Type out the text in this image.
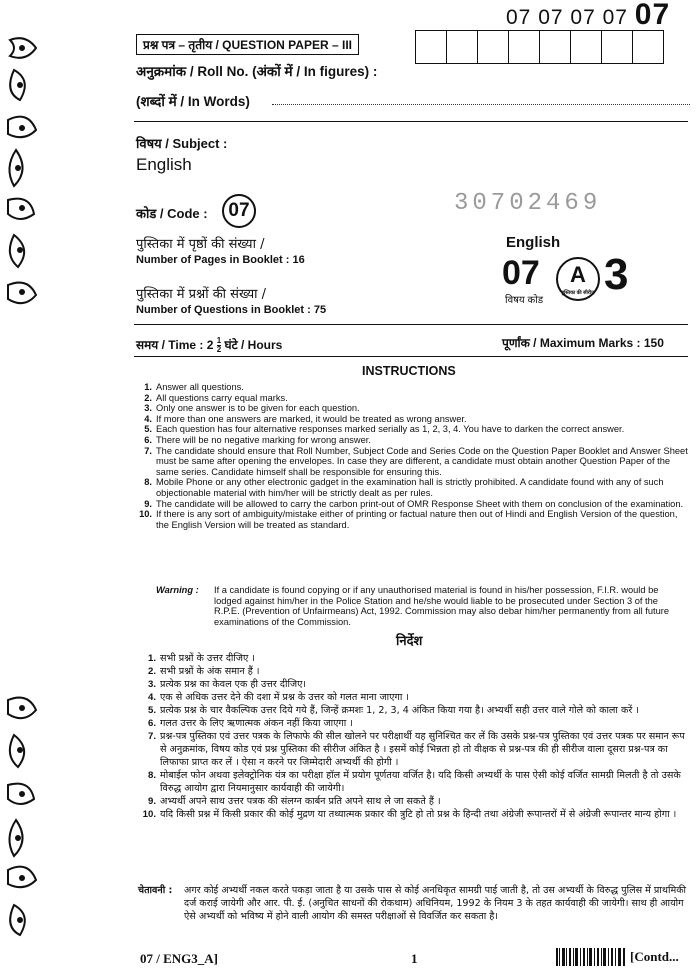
07 07 07 07 07
प्रश्न पत्र – तृतीय / QUESTION PAPER – III
अनुक्रमांक / Roll No. (अंकों में / In figures) :
(शब्दों में / In Words)
विषय / Subject :
English
कोड / Code :	07	30702469
पुस्तिका में पृष्ठों की संख्या /
Number of Pages in Booklet : 16
पुस्तिका में प्रश्नों की संख्या /
Number of Questions in Booklet : 75
English
07	A
पुस्तिका की सीरीज़ 3
विषय कोड
समय / Time : $2 \frac{1}{2}$ घंटे / Hours	पूर्णांक / Maximum Marks : 150
INSTRUCTIONS
1. Answer all questions.
2. All questions carry equal marks.
3. Only one answer is to be given for each question.
4. If more than one answers are marked, it would be treated as wrong answer.
5. Each question has four alternative responses marked serially as 1, 2, 3, 4. You have to darken the correct answer.
6. There will be no negative marking for wrong answer.
7. The candidate should ensure that Roll Number, Subject Code and Series Code on the Question Paper Booklet and Answer Sheet must be same after opening the envelopes. In case they are different, a candidate must obtain another Question Paper of the same series. Candidate himself shall be responsible for ensuring this.
8. Mobile Phone or any other electronic gadget in the examination hall is strictly prohibited. A candidate found with any of such objectionable material with him/her will be strictly dealt as per rules.
9. The candidate will be allowed to carry the carbon print-out of OMR Response Sheet with them on conclusion of the examination.
10. If there is any sort of ambiguity/mistake either of printing or factual nature then out of Hindi and English Version of the question, the English Version will be treated as standard.
Warning : If a candidate is found copying or if any unauthorised material is found in his/her possession, F.I.R. would be lodged against him/her in the Police Station and he/she would liable to be prosecuted under Section 3 of the R.P.E. (Prevention of Unfairmeans) Act, 1992. Commission may also debar him/her permanently from all future examinations of the Commission.
निर्देश
1. सभी प्रश्नों के उत्तर दीजिए ।
2. सभी प्रश्नों के अंक समान हैं ।
3. प्रत्येक प्रश्न का केवल एक ही उत्तर दीजिए।
4. एक से अधिक उत्तर देने की दशा में प्रश्न के उत्तर को गलत माना जाएगा ।
5. प्रत्येक प्रश्न के चार वैकल्पिक उत्तर दिये गये हैं, जिन्हें क्रमशः 1, 2, 3, 4 अंकित किया गया है। अभ्यर्थी सही उत्तर वाले गोले को काला करें ।
6. गलत उत्तर के लिए ऋणात्मक अंकन नहीं किया जाएगा ।
7. प्रश्न-पत्र पुस्तिका एवं उत्तर पत्रक के लिफाफे की सील खोलने पर परीक्षार्थी यह सुनिश्चित कर लें कि उसके प्रश्न-पत्र पुस्तिका एवं उत्तर पत्रक पर समान रूप से अनुक्रमांक, विषय कोड एवं प्रश्न पुस्तिका की सीरीज अंकित है । इसमें कोई भिन्नता हो तो वीक्षक से प्रश्न-पत्र की ही सीरीज वाला दूसरा प्रश्न-पत्र का लिफाफा प्राप्त कर लें । ऐसा न करने पर जिम्मेदारी अभ्यर्थी की होगी ।
8. मोबाईल फोन अथवा इलेक्ट्रोनिक यंत्र का परीक्षा हॉल में प्रयोग पूर्णतया वर्जित है। यदि किसी अभ्यर्थी के पास ऐसी कोई वर्जित सामग्री मिलती है तो उसके विरुद्ध आयोग द्वारा नियमानुसार कार्यवाही की जायेगी।
9. अभ्यर्थी अपने साथ उत्तर पत्रक की संलग्न कार्बन प्रति अपने साथ ले जा सकते हैं ।
10. यदि किसी प्रश्न में किसी प्रकार की कोई मुद्रण या तथ्यात्मक प्रकार की त्रुटि हो तो प्रश्न के हिन्दी तथा अंग्रेजी रूपान्तरों में से अंग्रेजी रूपान्तर मान्य होगा ।
चेतावनी : अगर कोई अभ्यर्थी नकल करते पकड़ा जाता है या उसके पास से कोई अनधिकृत सामग्री पाई जाती है, तो उस अभ्यर्थी के विरुद्ध पुलिस में प्राथमिकी दर्ज कराई जायेगी और आर. पी. ई. (अनुचित साधनों की रोकथाम) अधिनियम, 1992 के नियम 3 के तहत कार्यवाही की जायेगी। साथ ही आयोग ऐसे अभ्यर्थी को भविष्य में होने वाली आयोग की समस्त परीक्षाओं से विवर्जित कर सकता है।
07 / ENG3_A]	1	[Contd...
